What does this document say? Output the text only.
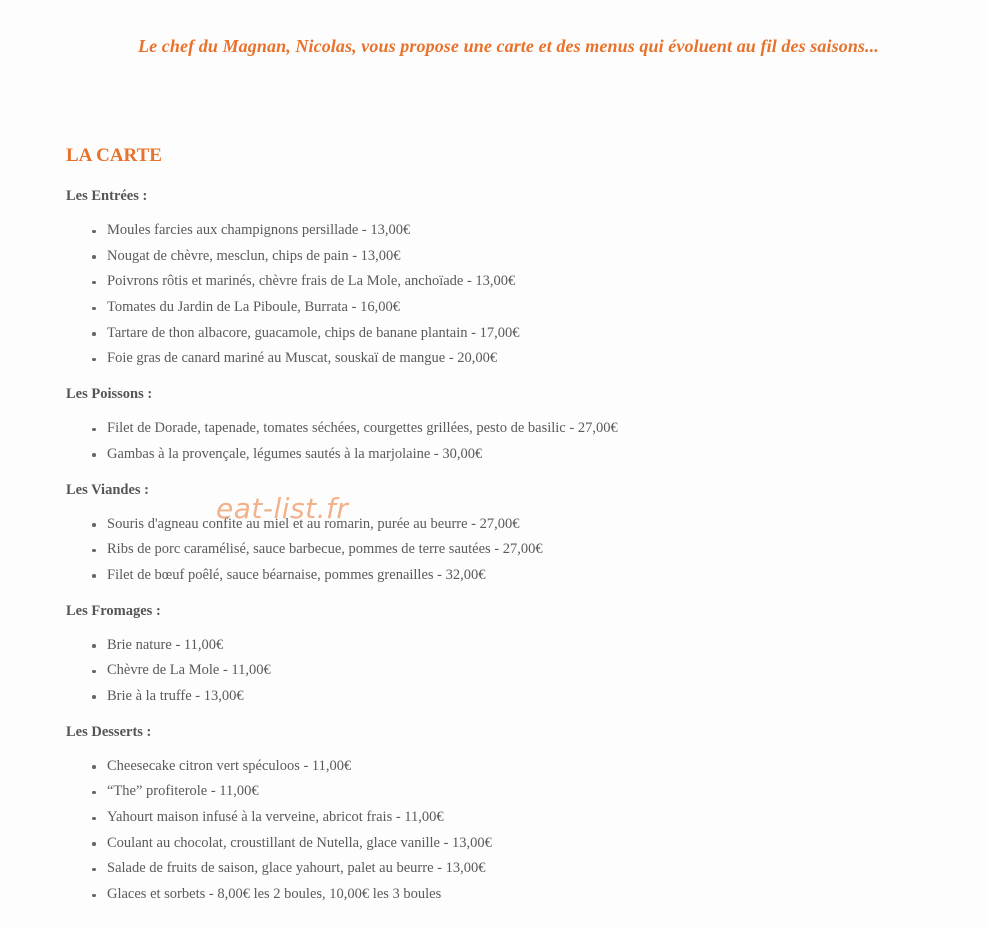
Le chef du Magnan, Nicolas, vous propose une carte et des menus qui évoluent au fil des saisons...

LA CARTE
Les Entrées :
Moules farcies aux champignons persillade - 13,00€
Nougat de chèvre, mesclun, chips de pain - 13,00€
Poivrons rôtis et marinés, chèvre frais de La Mole, anchoïade - 13,00€
Tomates du Jardin de La Piboule, Burrata - 16,00€
Tartare de thon albacore, guacamole, chips de banane plantain - 17,00€
Foie gras de canard mariné au Muscat, souskaï de mangue - 20,00€
Les Poissons :
Filet de Dorade, tapenade, tomates séchées, courgettes grillées, pesto de basilic - 27,00€
Gambas à la provençale, légumes sautés à la marjolaine - 30,00€
Les Viandes :
Souris d'agneau confite au miel et au romarin, purée au beurre - 27,00€
Ribs de porc caramélisé, sauce barbecue, pommes de terre sautées - 27,00€
Filet de bœuf poêlé, sauce béarnaise, pommes grenailles - 32,00€
Les Fromages :
Brie nature - 11,00€
Chèvre de La Mole - 11,00€
Brie à la truffe - 13,00€
Les Desserts :
Cheesecake citron vert spéculoos - 11,00€
“The” profiterole - 11,00€
Yahourt maison infusé à la verveine, abricot frais - 11,00€
Coulant au chocolat, croustillant de Nutella, glace vanille - 13,00€
Salade de fruits de saison, glace yahourt, palet au beurre - 13,00€
Glaces et sorbets - 8,00€ les 2 boules, 10,00€ les 3 boules
eat-list.fr
